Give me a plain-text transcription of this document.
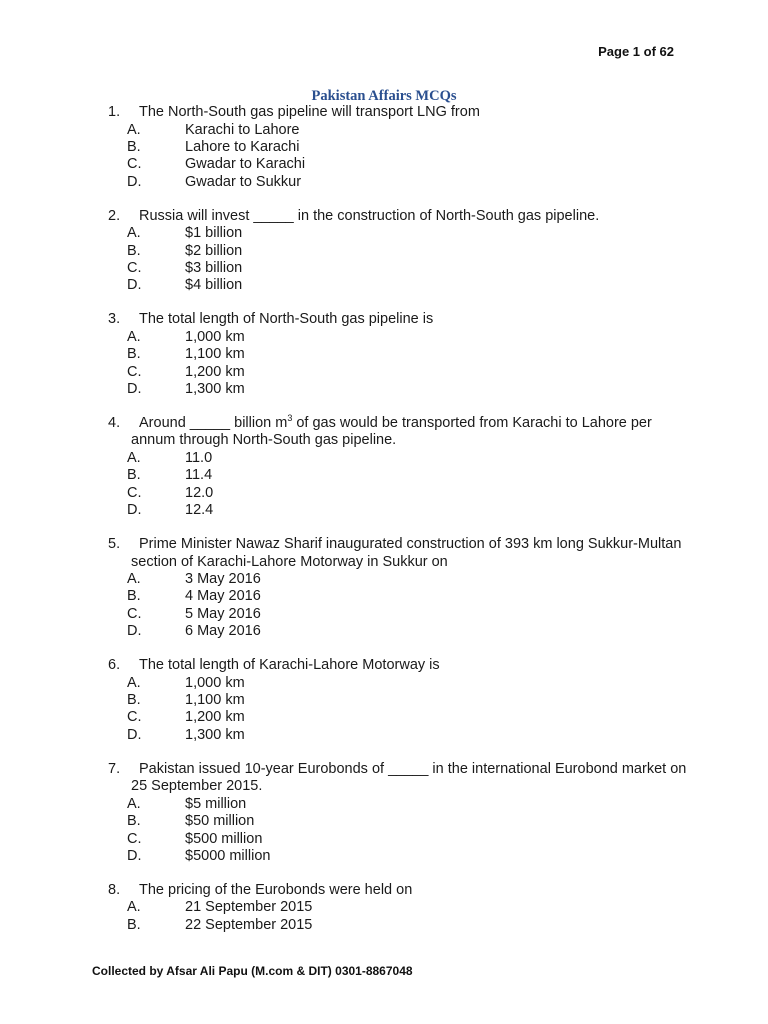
Page 1 of 62
Pakistan Affairs MCQs
1. The North-South gas pipeline will transport LNG from
A.	Karachi to Lahore
B.	Lahore to Karachi
C.	Gwadar to Karachi
D.	Gwadar to Sukkur
2. Russia will invest _____ in the construction of North-South gas pipeline.
A.	$1 billion
B.	$2 billion
C.	$3 billion
D.	$4 billion
3. The total length of North-South gas pipeline is
A.	1,000 km
B.	1,100 km
C.	1,200 km
D.	1,300 km
4. Around _____ billion $m^3$ of gas would be transported from Karachi to Lahore per annum through North-South gas pipeline.
A.	11.0
B.	11.4
C.	12.0
D.	12.4
5. Prime Minister Nawaz Sharif inaugurated construction of 393 km long Sukkur-Multan section of Karachi-Lahore Motorway in Sukkur on
A.	3 May 2016
B.	4 May 2016
C.	5 May 2016
D.	6 May 2016
6. The total length of Karachi-Lahore Motorway is
A.	1,000 km
B.	1,100 km
C.	1,200 km
D.	1,300 km
7. Pakistan issued 10-year Eurobonds of _____ in the international Eurobond market on 25 September 2015.
A.	$5 million
B.	$50 million
C.	$500 million
D.	$5000 million
8. The pricing of the Eurobonds were held on
A.	21 September 2015
B.	22 September 2015
Collected by Afsar Ali Papu (M.com & DIT) 0301-8867048
